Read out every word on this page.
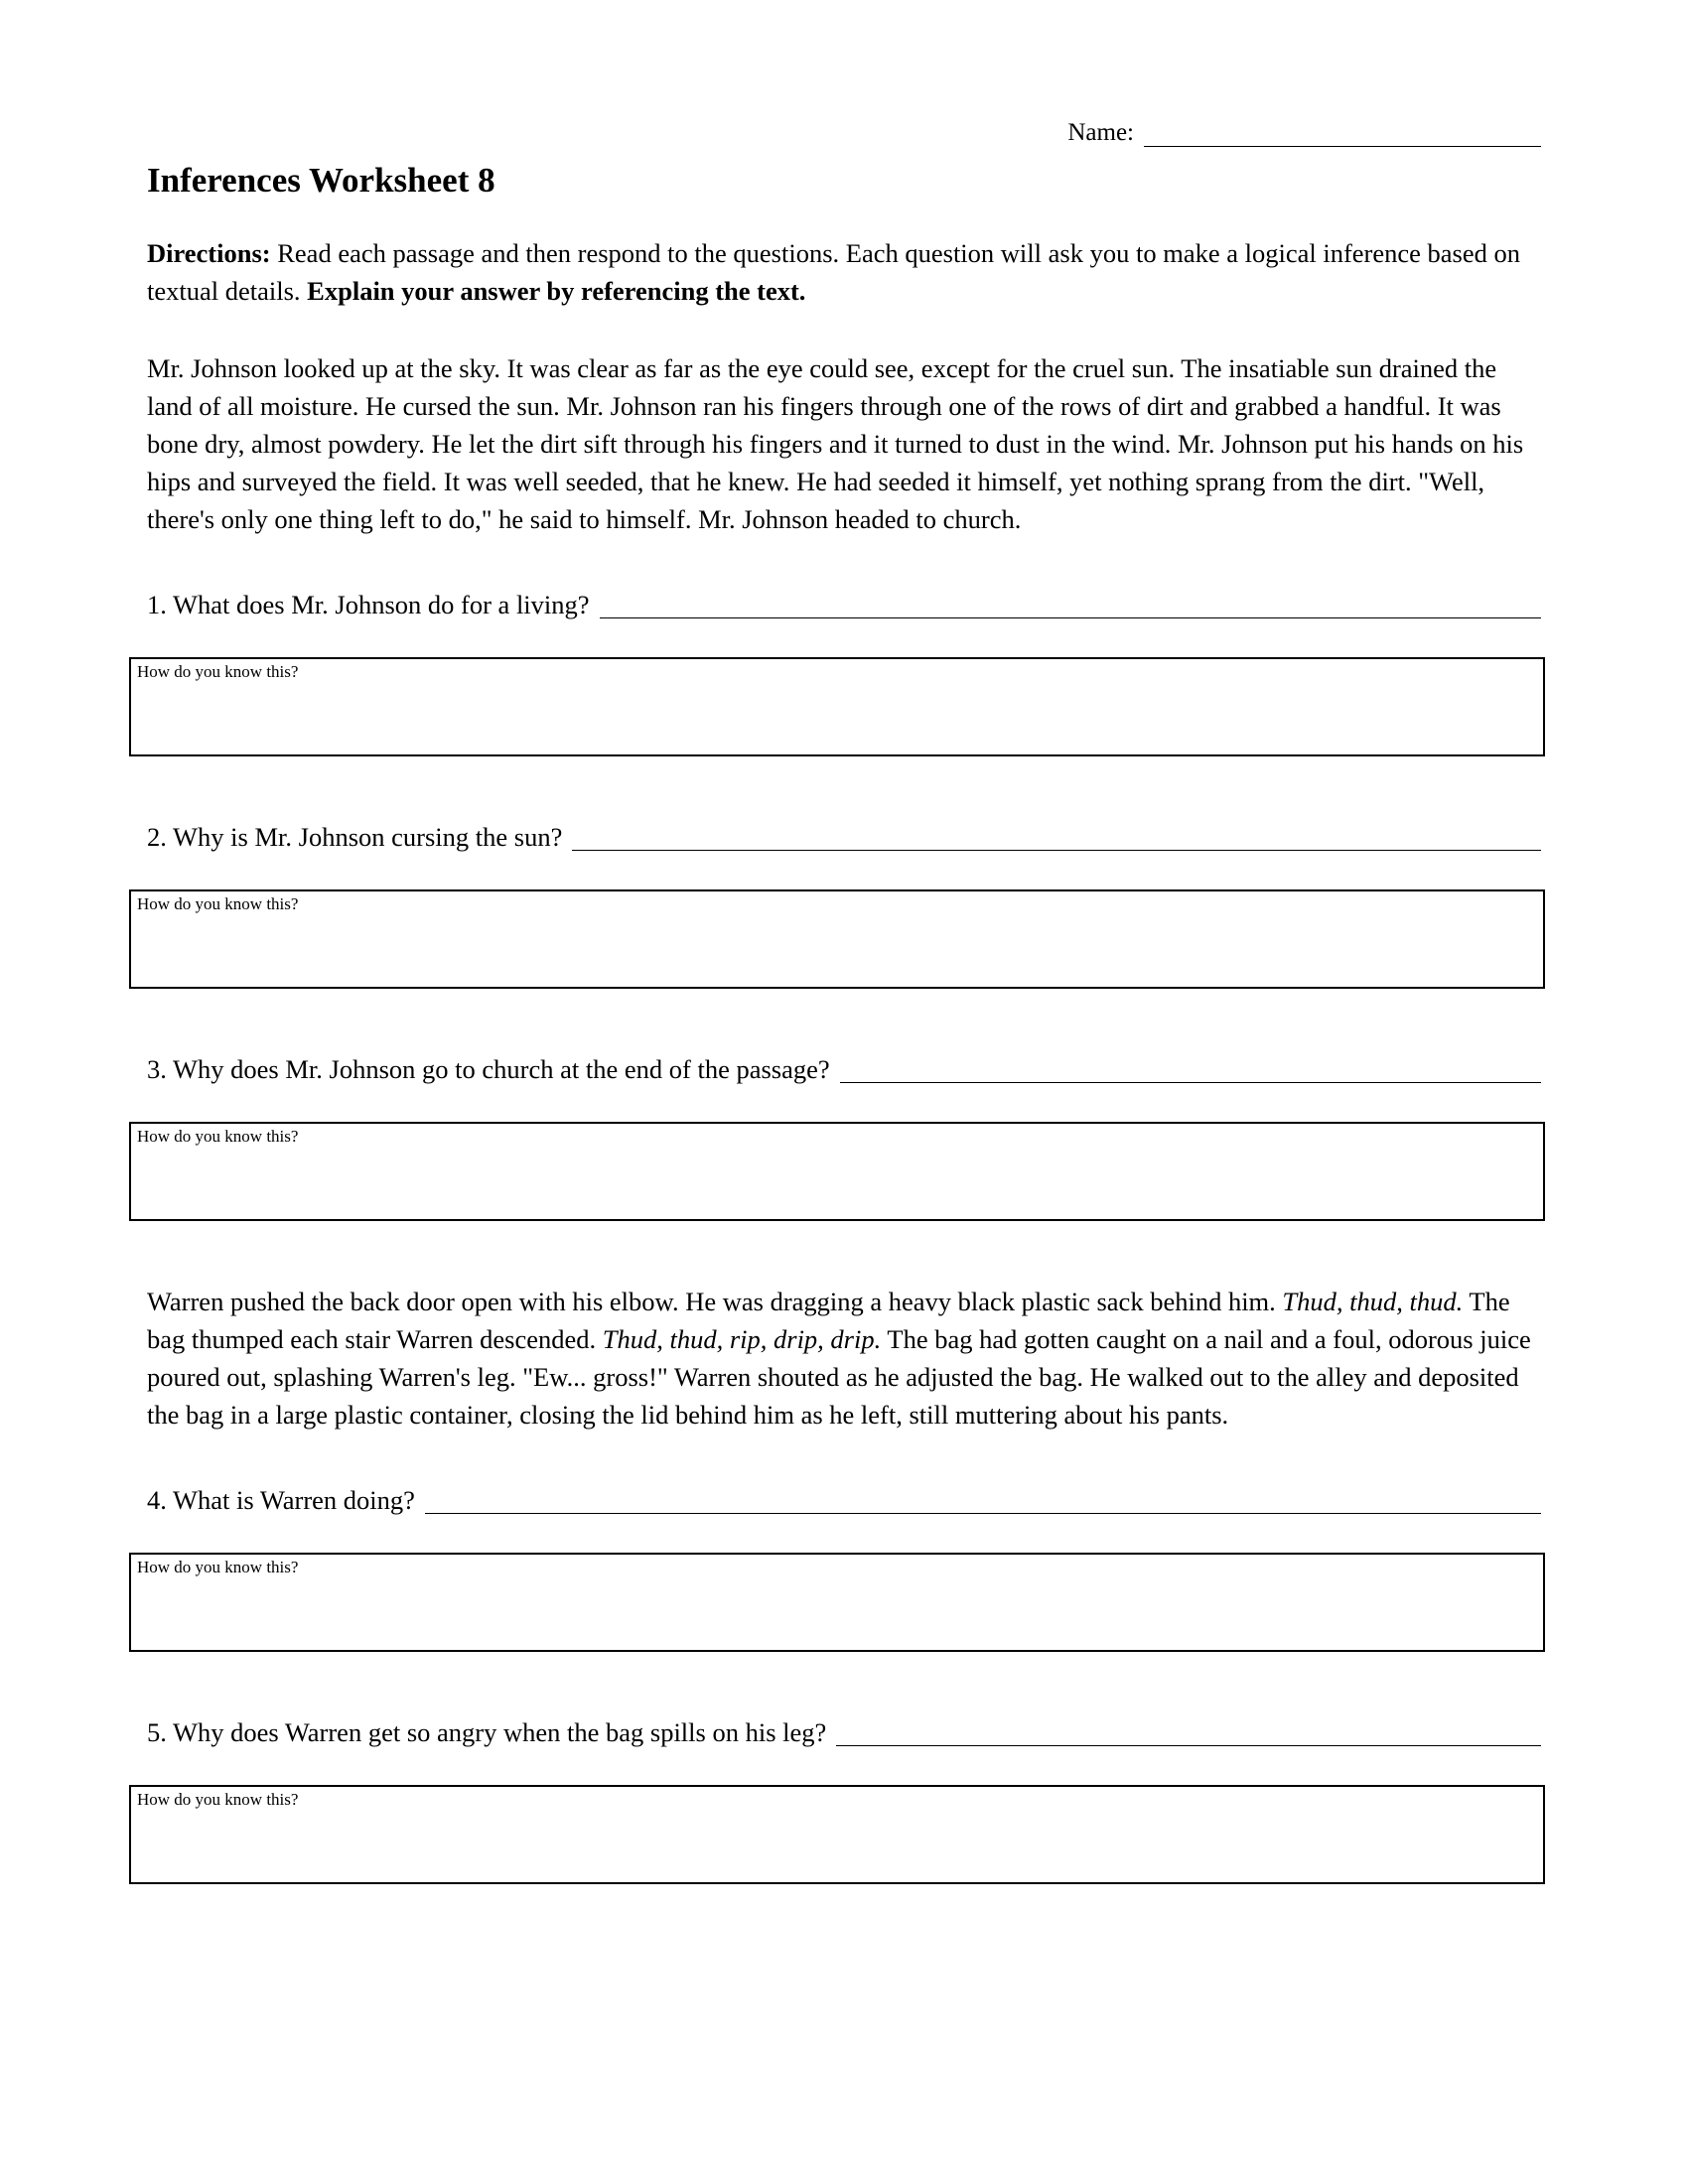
Name:
Inferences Worksheet 8

Directions: Read each passage and then respond to the questions. Each question will ask you to make a logical inference based on textual details. Explain your answer by referencing the text.

Mr. Johnson looked up at the sky. It was clear as far as the eye could see, except for the cruel sun. The insatiable sun drained the land of all moisture. He cursed the sun. Mr. Johnson ran his fingers through one of the rows of dirt and grabbed a handful. It was bone dry, almost powdery. He let the dirt sift through his fingers and it turned to dust in the wind. Mr. Johnson put his hands on his hips and surveyed the field. It was well seeded, that he knew. He had seeded it himself, yet nothing sprang from the dirt. "Well, there's only one thing left to do," he said to himself. Mr. Johnson headed to church.

1. What does Mr. Johnson do for a living?
How do you know this?
2. Why is Mr. Johnson cursing the sun?
How do you know this?
3. Why does Mr. Johnson go to church at the end of the passage?
How do you know this?

Warren pushed the back door open with his elbow. He was dragging a heavy black plastic sack behind him. Thud, thud, thud. The bag thumped each stair Warren descended. Thud, thud, rip, drip, drip. The bag had gotten caught on a nail and a foul, odorous juice poured out, splashing Warren's leg. "Ew... gross!" Warren shouted as he adjusted the bag. He walked out to the alley and deposited the bag in a large plastic container, closing the lid behind him as he left, still muttering about his pants.

4. What is Warren doing?
How do you know this?
5. Why does Warren get so angry when the bag spills on his leg?
How do you know this?
